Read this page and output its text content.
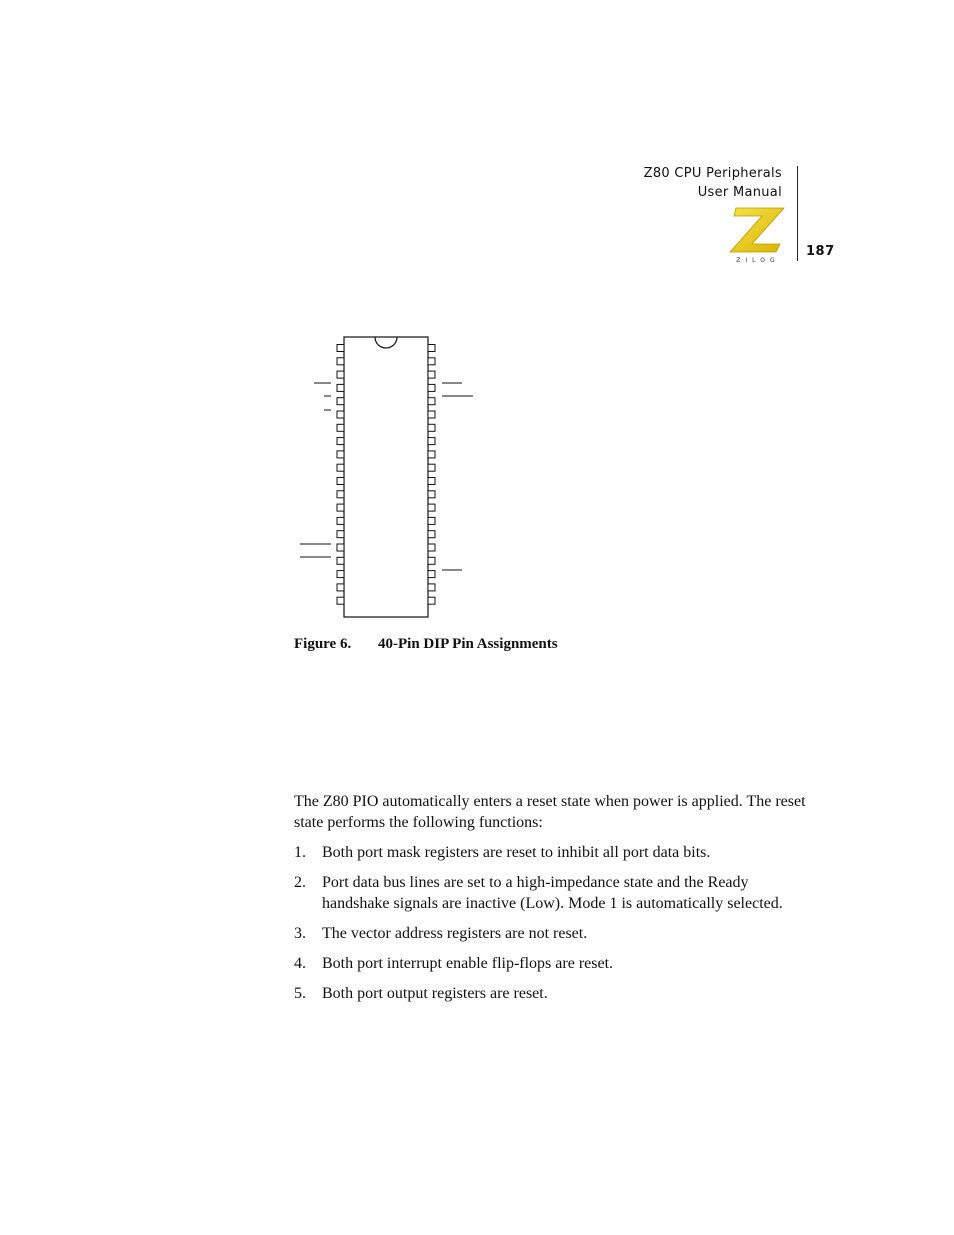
Z80 CPU Peripherals
User Manual
187
ZILOG
Figure 6. 40-Pin DIP Pin Assignments
The Z80 PIO automatically enters a reset state when power is applied. The reset state performs the following functions:
1.	Both port mask registers are reset to inhibit all port data bits.
2.	Port data bus lines are set to a high-impedance state and the Ready handshake signals are inactive (Low). Mode 1 is automatically selected.
3.	The vector address registers are not reset.
4.	Both port interrupt enable flip-flops are reset.
5.	Both port output registers are reset.
